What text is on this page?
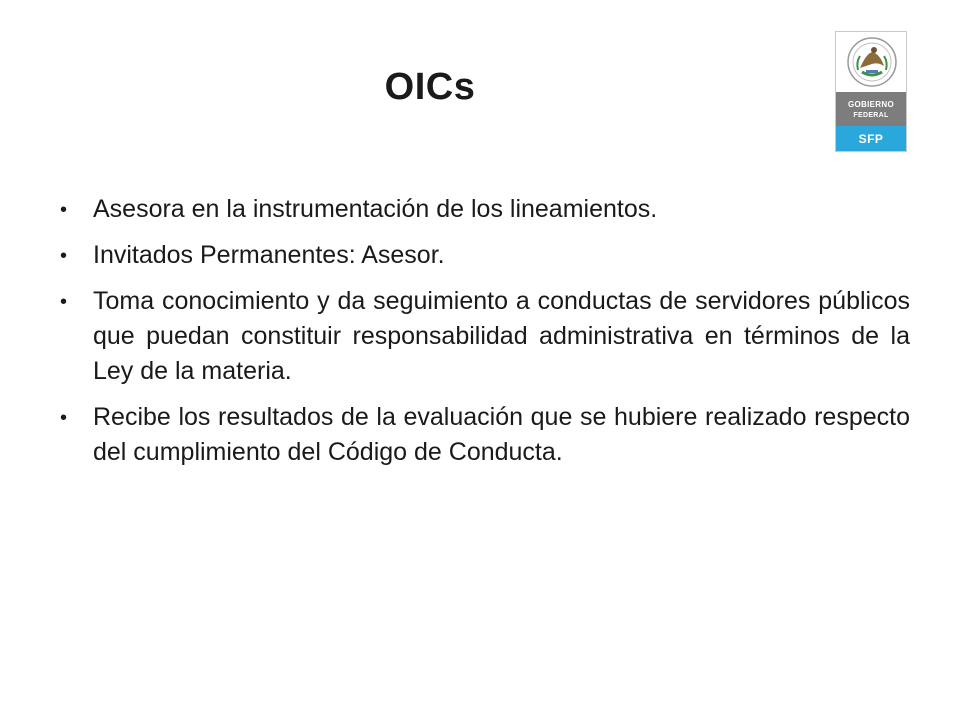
OICs	GOBIERNO
FEDERAL
SFP
• Asesora en la instrumentación de los lineamientos.
• Invitados Permanentes: Asesor.
• Toma conocimiento y da seguimiento a conductas de servidores públicos que puedan constituir responsabilidad administrativa en términos de la Ley de la materia.
• Recibe los resultados de la evaluación que se hubiere realizado respecto del cumplimiento del Código de Conducta.
